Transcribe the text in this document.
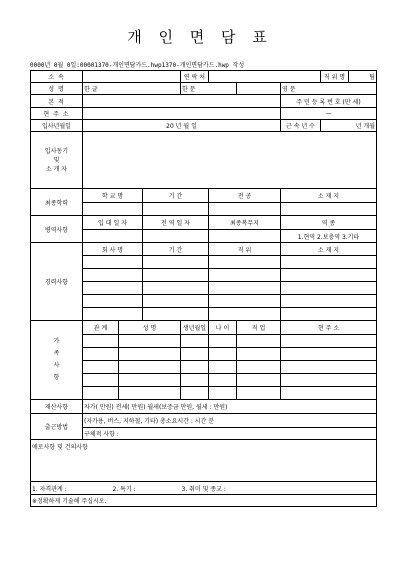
개 인 면 담 표
0000년 0월 0일:00001370-개인면담카드.hwp1370-개인면담카드.hwp 작성
소 속				연 락 처				직 위 명	팀
성 명	한 글			한 문			영 문		
본 적							주 민 등 록 번 호 (만 세)		
현 주 소							—		
입사년월일	20 년 월 일						근 속 년 수	년 개월	
입사동기
및
소 개 자									
최종학력	학 교 명		기 간		전 공		소 재 지		

병역사항	입 대 일 자		전 역 일 자		최종복무지		역 종		
							1.현역 2.보충역 3.기타		
경력사항	회 사 명		기 간		직 위		소 재 지		

가
족
사
항	관 계	성 명		생년월일	나 이	직 업	현 주 소		

재산사항	자가( 만원) 전세( 만원) 월세(보증금 만원, 월세 : 만원)								
출근방법	(자가용, 버스, 지하철, 기타) 총소요시간 : 시간 분								
	구체적 사항 :								
애로사항 및 건의사항									
1. 자격관계 :                        2. 특기 :                        3. 취미 및 종교 :									
※정확하게 기술해 주십시오.									
